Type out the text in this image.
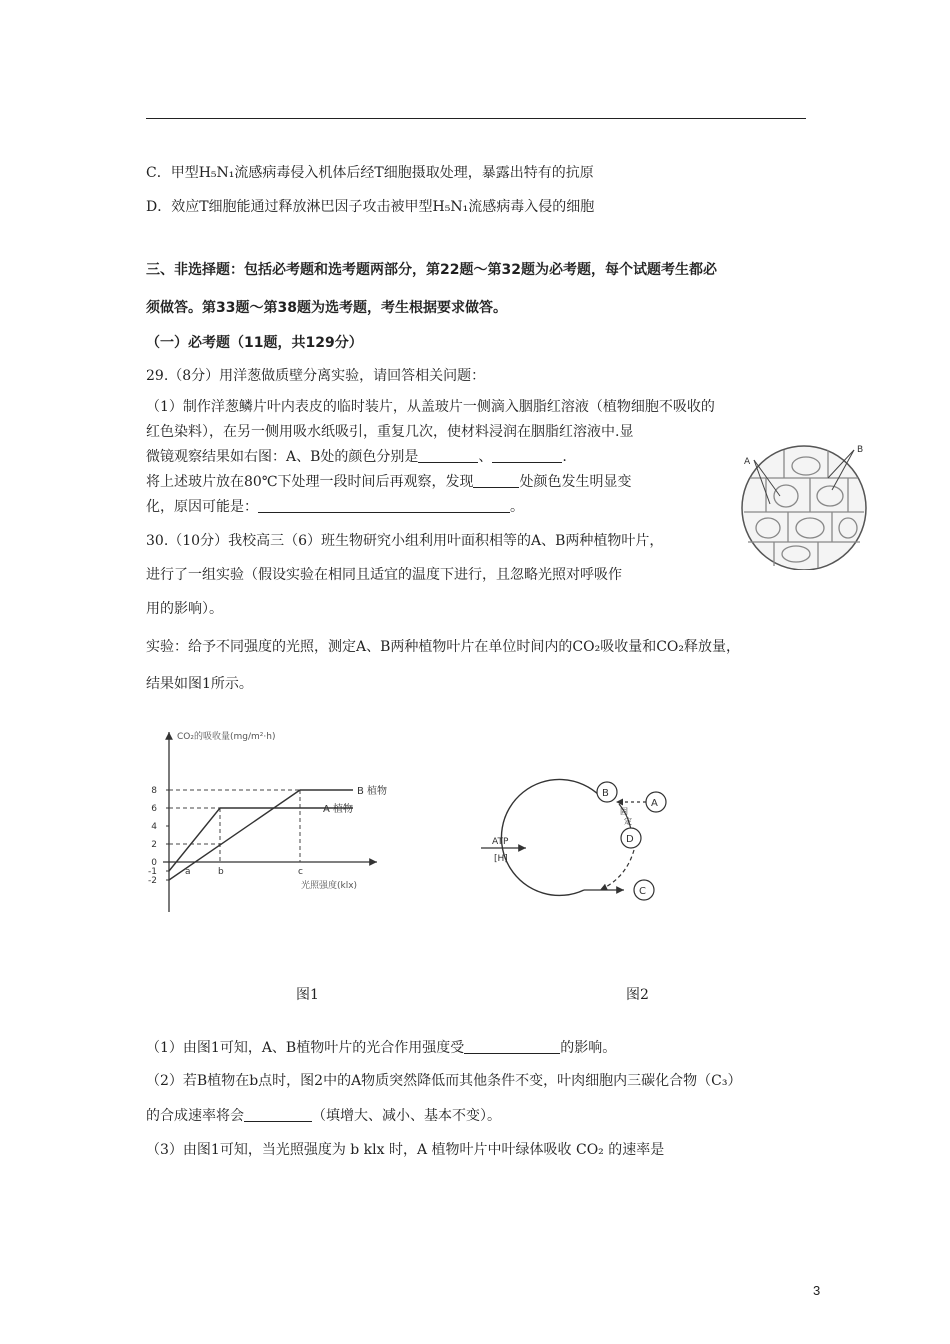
C．甲型H₅N₁流感病毒侵入机体后经T细胞摄取处理，暴露出特有的抗原
D．效应T细胞能通过释放淋巴因子攻击被甲型H₅N₁流感病毒入侵的细胞
三、非选择题：包括必考题和选考题两部分，第22题～第32题为必考题，每个试题考生都必
须做答。第33题～第38题为选考题，考生根据要求做答。
（一）必考题（11题，共129分）
29.（8分）用洋葱做质壁分离实验，请回答相关问题：
（1）制作洋葱鳞片叶内表皮的临时装片，从盖玻片一侧滴入胭脂红溶液（植物细胞不吸收的
红色染料），在另一侧用吸水纸吸引，重复几次，使材料浸润在胭脂红溶液中.显
微镜观察结果如右图：A、B处的颜色分别是	、	.
将上述玻片放在80℃下处理一段时间后再观察，发现	处颜色发生明显变
化，原因可能是：	。
A
B
30.（10分）我校高三（6）班生物研究小组利用叶面积相等的A、B两种植物叶片，
进行了一组实验（假设实验在相同且适宜的温度下进行，且忽略光照对呼吸作
用的影响）。
实验：给予不同强度的光照，测定A、B两种植物叶片在单位时间内的CO₂吸收量和CO₂释放量，
结果如图1所示。
CO₂的吸收量(mg/m²·h)
光照强度(klx)
8
6
4
2
0
-1
-2
a	b	c
B 植物
A 植物
图1
B
A
D
C
固
定
ATP
[H]
图2
（1）由图1可知，A、B植物叶片的光合作用强度受	的影响。
（2）若B植物在b点时，图2中的A物质突然降低而其他条件不变，叶肉细胞内三碳化合物（C₃）
的合成速率将会	（填增大、减小、基本不变）。
（3）由图1可知，当光照强度为 b klx 时，A 植物叶片中叶绿体吸收 CO₂ 的速率是
3
